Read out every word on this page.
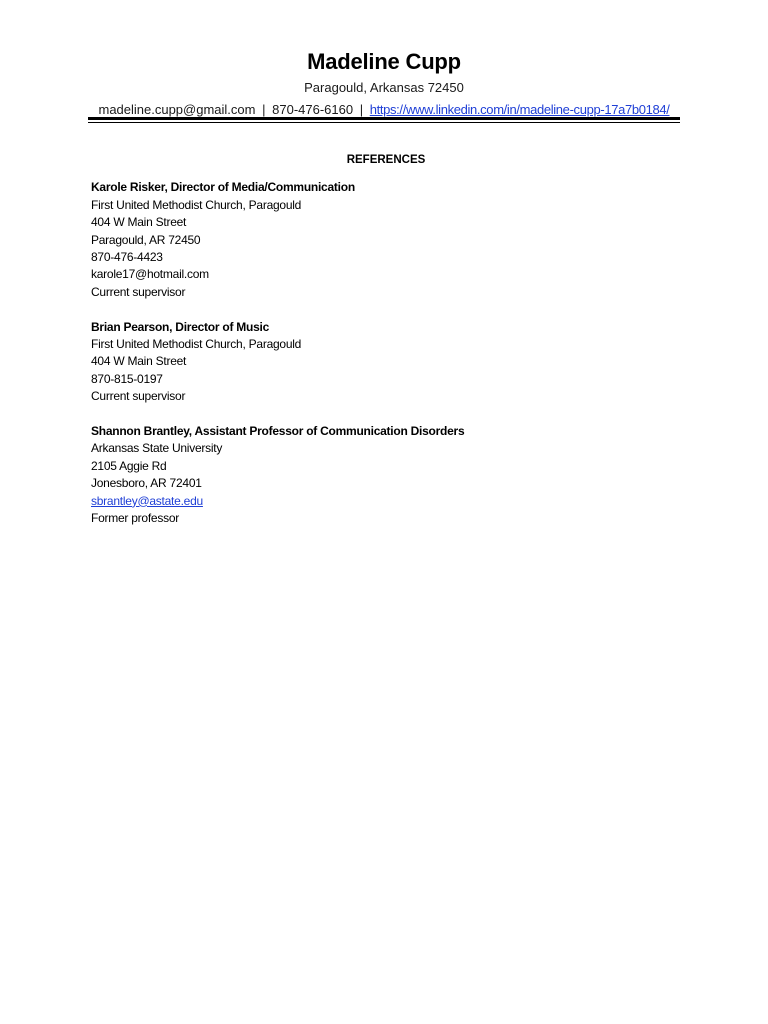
Madeline Cupp
Paragould, Arkansas 72450
madeline.cupp@gmail.com | 870-476-6160 | https://www.linkedin.com/in/madeline-cupp-17a7b0184/
REFERENCES
Karole Risker, Director of Media/Communication
First United Methodist Church, Paragould
404 W Main Street
Paragould, AR 72450
870-476-4423
karole17@hotmail.com
Current supervisor
Brian Pearson, Director of Music
First United Methodist Church, Paragould
404 W Main Street
870-815-0197
Current supervisor
Shannon Brantley, Assistant Professor of Communication Disorders
Arkansas State University
2105 Aggie Rd
Jonesboro, AR 72401
sbrantley@astate.edu
Former professor
